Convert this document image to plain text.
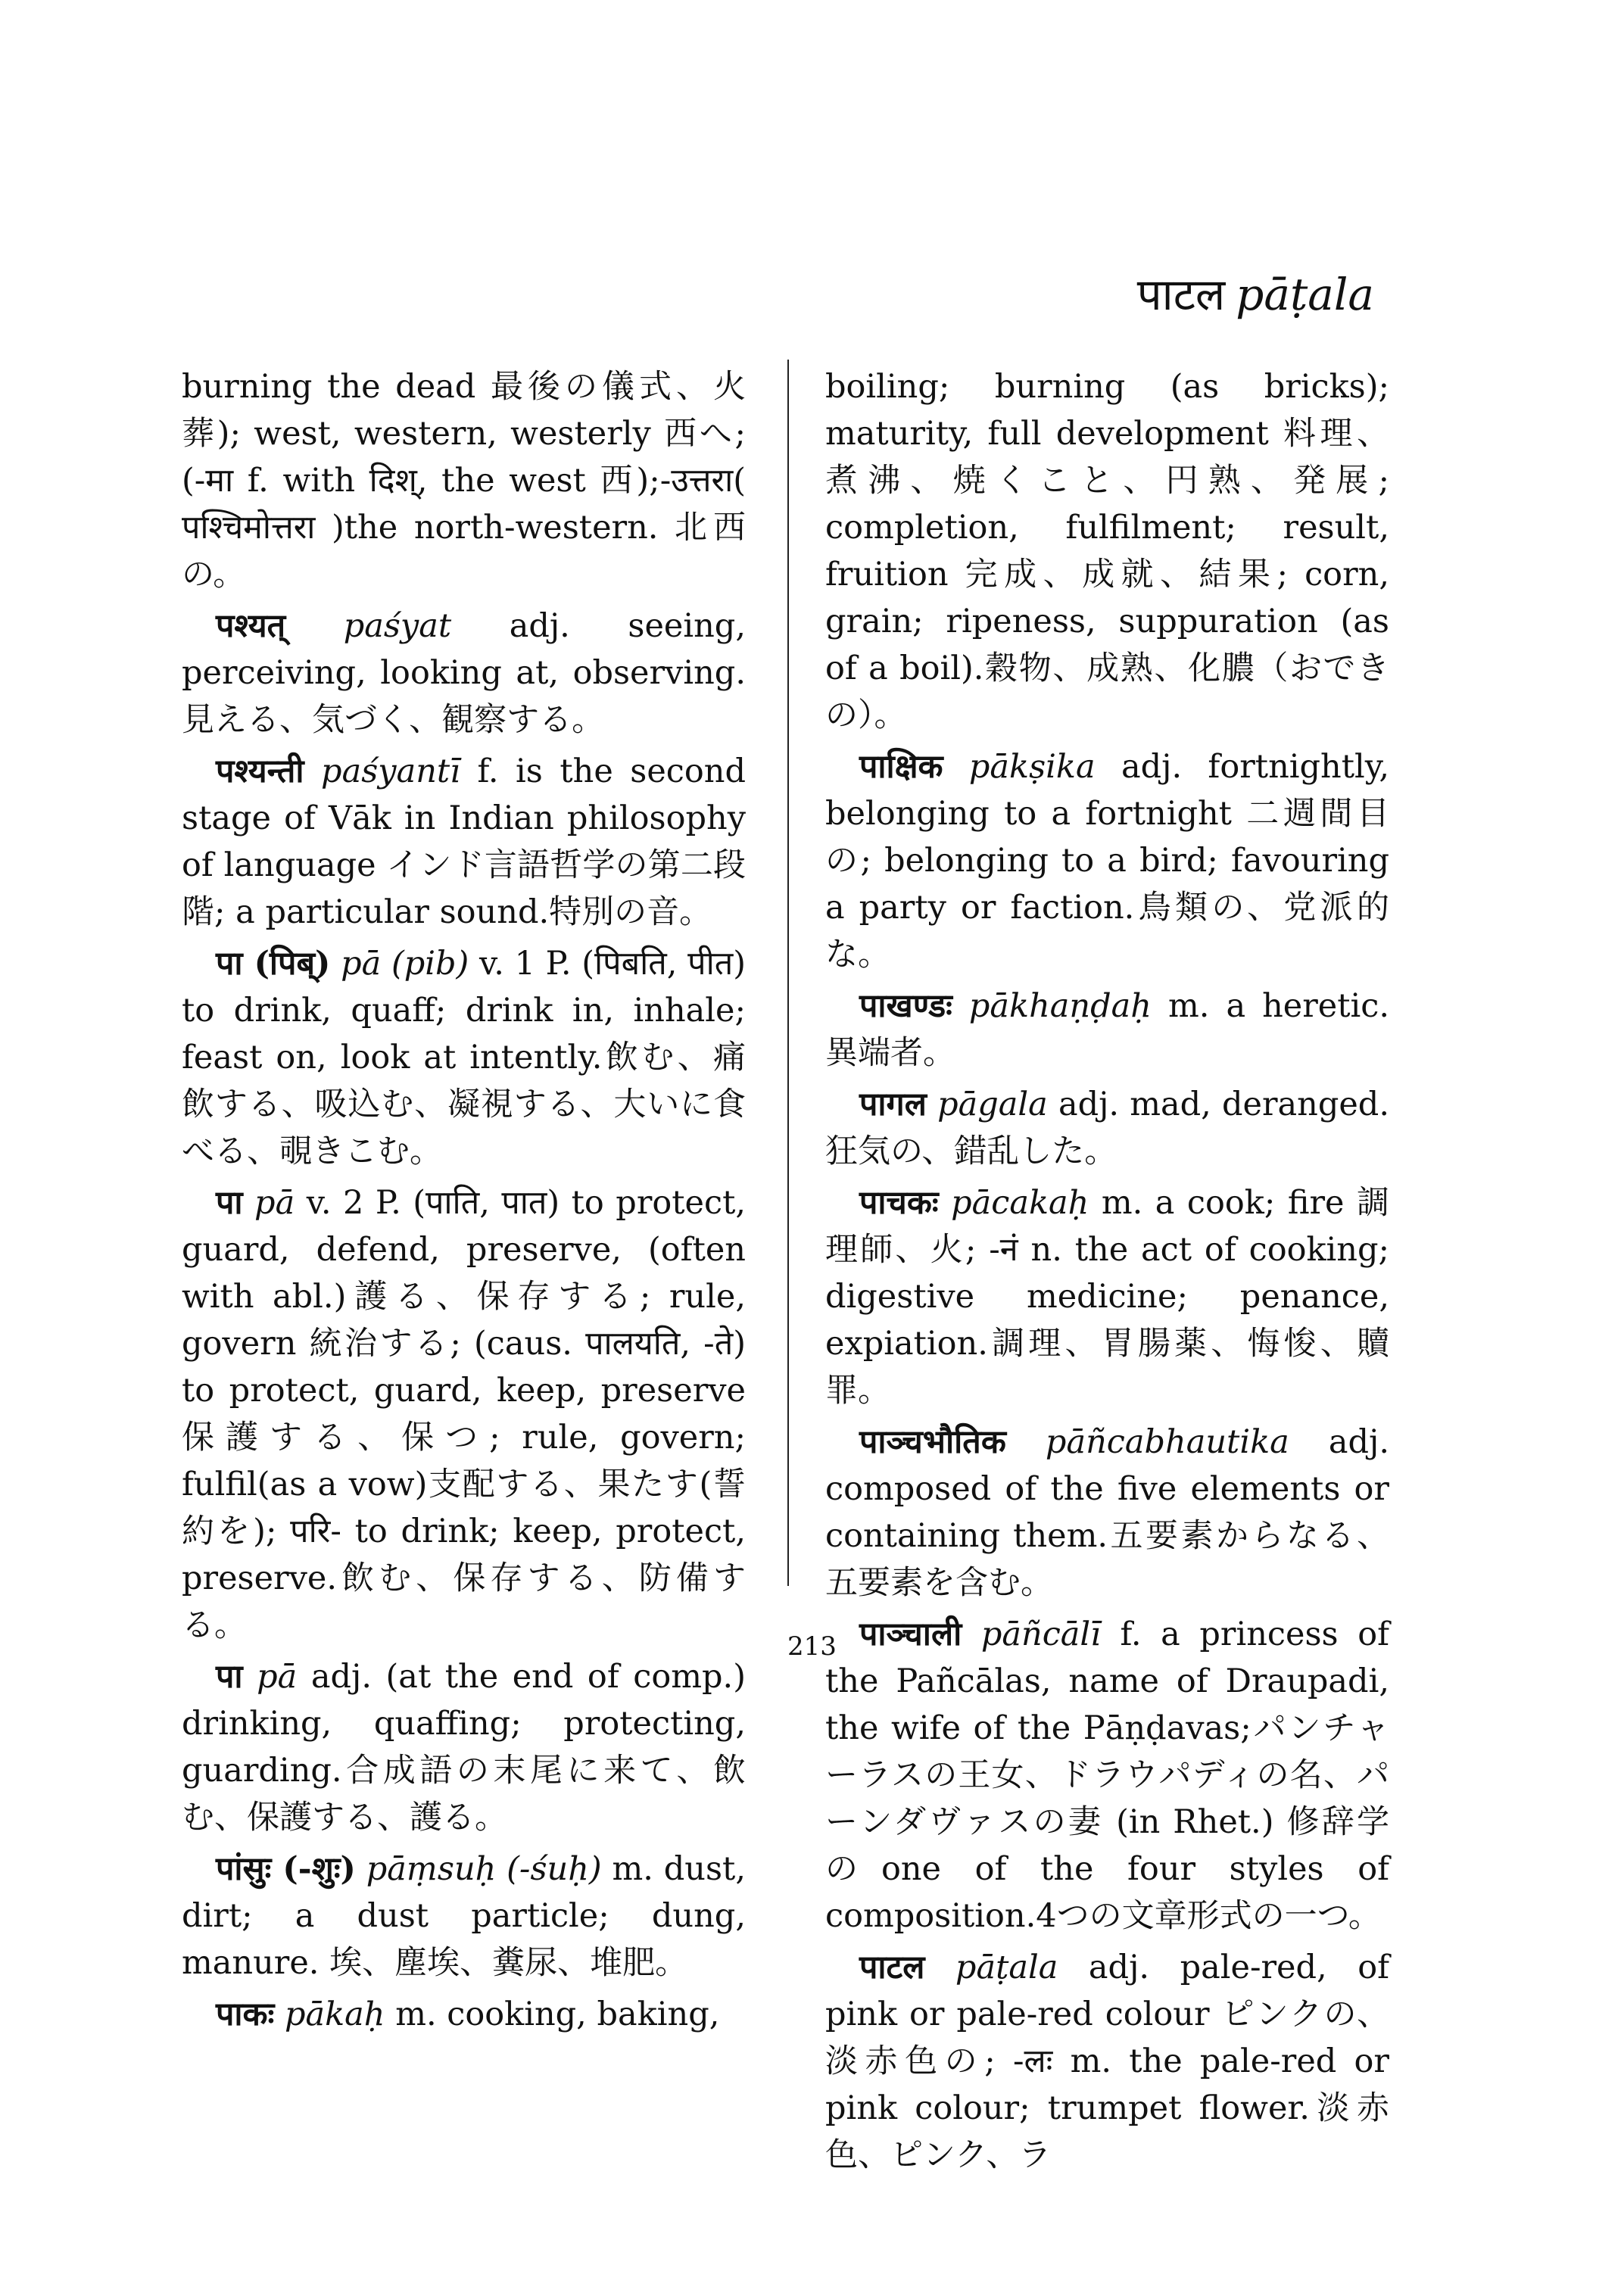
पाटल pāṭala

burning the dead 最後の儀式、火葬); west, western, westerly 西へ; (-मा f. with दिश्, the west 西);-उत्तरा( पश्चिमोत्तरा )the north-western. 北西の。

पश्यत् paśyat adj. seeing, perceiving, looking at, observing.見える、気づく、観察する。

पश्यन्ती paśyantī f. is the second stage of Vāk in Indian philosophy of language インド言語哲学の第二段階; a particular sound.特別の音。

पा (पिब्) pā (pib) v. 1 P. (पिबति, पीत) to drink, quaff; drink in, inhale; feast on, look at intently.飲む、痛飲する、吸込む、凝視する、大いに食べる、覗きこむ。

पा pā v. 2 P. (पाति, पात) to protect, guard, defend, preserve, (often with abl.)護る、保存する; rule, govern 統治する; (caus. पालयति, -ते) to protect, guard, keep, preserve 保護する、保つ; rule, govern; fulfil(as a vow)支配する、果たす(誓約を); परि- to drink; keep, protect, preserve.飲む、保存する、防備する。

पा pā adj. (at the end of comp.) drinking, quaffing; protecting, guarding.合成語の末尾に来て、飲む、保護する、護る。

पांसुः (-शुः) pāṃsuḥ (-śuḥ) m. dust, dirt; a dust particle; dung, manure. 埃、塵埃、糞尿、堆肥。

पाकः pākaḥ m. cooking, baking,

boiling; burning (as bricks); maturity, full development 料理、煮沸、焼くこと、円熟、発展; completion, fulfilment; result, fruition 完成、成就、結果; corn, grain; ripeness, suppuration (as of a boil).穀物、成熟、化膿（おできの）。

पाक्षिक pākṣika adj. fortnightly, belonging to a fortnight 二週間目の; belonging to a bird; favouring a party or faction.鳥類の、党派的な。

पाखण्डः pākhaṇḍaḥ m. a heretic.異端者。

पागल pāgala adj. mad, deranged. 狂気の、錯乱した。

पाचकः pācakaḥ m. a cook; fire 調理師、火; -नं n. the act of cooking; digestive medicine; penance, expiation.調理、胃腸薬、悔悛、贖罪。

पाञ्चभौतिक pāñcabhautika adj. composed of the five elements or containing them.五要素からなる、五要素を含む。

पाञ्चाली pāñcālī f. a princess of the Pañcālas, name of Draupadi, the wife of the Pāṇḍavas;パンチャーラスの王女、ドラウパディの名、パーンダヴァスの妻 (in Rhet.) 修辞学のone of the four styles of composition.4つの文章形式の一つ。

पाटल pāṭala adj. pale-red, of pink or pale-red colour ピンクの、淡赤色の; -लः m. the pale-red or pink colour; trumpet flower.淡赤色、ピンク、ラ

213
